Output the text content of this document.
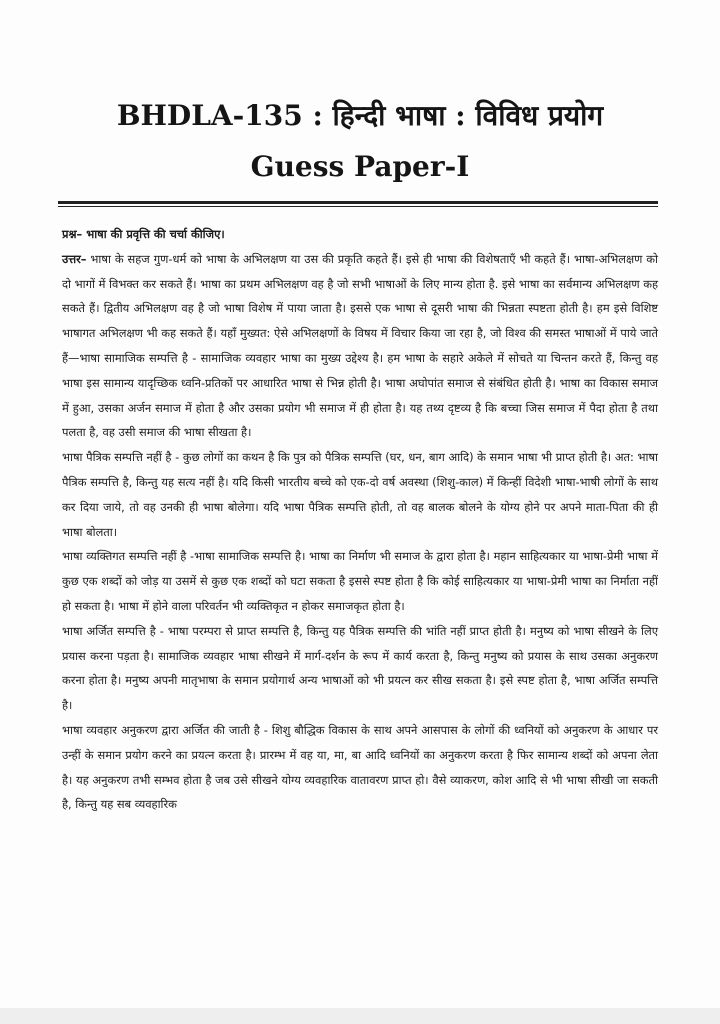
BHDLA-135 : हिन्दी भाषा : विविध प्रयोग
Guess Paper-I

प्रश्न– भाषा की प्रवृत्ति की चर्चा कीजिए।

उत्तर– भाषा के सहज गुण-धर्म को भाषा के अभिलक्षण या उस की प्रकृति कहते हैं। इसे ही भाषा की विशेषताएँ भी कहते हैं। भाषा-अभिलक्षण को दो भागों में विभक्त कर सकते हैं। भाषा का प्रथम अभिलक्षण वह है जो सभी भाषाओं के लिए मान्य होता है. इसे भाषा का सर्वमान्य अभिलक्षण कह सकते हैं। द्वितीय अभिलक्षण वह है जो भाषा विशेष में पाया जाता है। इससे एक भाषा से दूसरी भाषा की भिन्नता स्पष्टता होती है। हम इसे विशिष्ट भाषागत अभिलक्षण भी कह सकते हैं। यहाँ मुख्यत: ऐसे अभिलक्षणों के विषय में विचार किया जा रहा है, जो विश्व की समस्त भाषाओं में पाये जाते हैं—भाषा सामाजिक सम्पत्ति है - सामाजिक व्यवहार भाषा का मुख्य उद्देश्य है। हम भाषा के सहारे अकेले में सोचते या चिन्तन करते हैं, किन्तु वह भाषा इस सामान्य यादृच्छिक ध्वनि-प्रतिकों पर आधारित भाषा से भिन्न होती है। भाषा अघोपांत समाज से संबंधित होती है। भाषा का विकास समाज में हुआ, उसका अर्जन समाज में होता है और उसका प्रयोग भी समाज में ही होता है। यह तथ्य दृष्टव्य है कि बच्चा जिस समाज में पैदा होता है तथा पलता है, वह उसी समाज की भाषा सीखता है।

भाषा पैत्रिक सम्पत्ति नहीं है - कुछ लोगों का कथन है कि पुत्र को पैत्रिक सम्पत्ति (घर, धन, बाग आदि) के समान भाषा भी प्राप्त होती है। अत: भाषा पैत्रिक सम्पत्ति है, किन्तु यह सत्य नहीं है। यदि किसी भारतीय बच्चे को एक-दो वर्ष अवस्था (शिशु-काल) में किन्हीं विदेशी भाषा-भाषी लोगों के साथ कर दिया जाये, तो वह उनकी ही भाषा बोलेगा। यदि भाषा पैत्रिक सम्पत्ति होती, तो वह बालक बोलने के योग्य होने पर अपने माता-पिता की ही भाषा बोलता।

भाषा व्यक्तिगत सम्पत्ति नहीं है -भाषा सामाजिक सम्पत्ति है। भाषा का निर्माण भी समाज के द्वारा होता है। महान साहित्यकार या भाषा-प्रेमी भाषा में कुछ एक शब्दों को जोड़ या उसमें से कुछ एक शब्दों को घटा सकता है इससे स्पष्ट होता है कि कोई साहित्यकार या भाषा-प्रेमी भाषा का निर्माता नहीं हो सकता है। भाषा में होने वाला परिवर्तन भी व्यक्तिकृत न होकर समाजकृत होता है।

भाषा अर्जित सम्पत्ति है - भाषा परम्परा से प्राप्त सम्पत्ति है, किन्तु यह पैत्रिक सम्पत्ति की भांति नहीं प्राप्त होती है। मनुष्य को भाषा सीखने के लिए प्रयास करना पड़ता है। सामाजिक व्यवहार भाषा सीखने में मार्ग-दर्शन के रूप में कार्य करता है, किन्तु मनुष्य को प्रयास के साथ उसका अनुकरण करना होता है। मनुष्य अपनी मातृभाषा के समान प्रयोगार्थ अन्य भाषाओं को भी प्रयत्न कर सीख सकता है। इसे स्पष्ट होता है, भाषा अर्जित सम्पत्ति है।

भाषा व्यवहार अनुकरण द्वारा अर्जित की जाती है - शिशु बौद्धिक विकास के साथ अपने आसपास के लोगों की ध्वनियों को अनुकरण के आधार पर उन्हीं के समान प्रयोग करने का प्रयत्न करता है। प्रारम्भ में वह या, मा, बा आदि ध्वनियों का अनुकरण करता है फिर सामान्य शब्दों को अपना लेता है। यह अनुकरण तभी सम्भव होता है जब उसे सीखने योग्य व्यवहारिक वातावरण प्राप्त हो। वैसे व्याकरण, कोश आदि से भी भाषा सीखी जा सकती है, किन्तु यह सब व्यवहारिक
